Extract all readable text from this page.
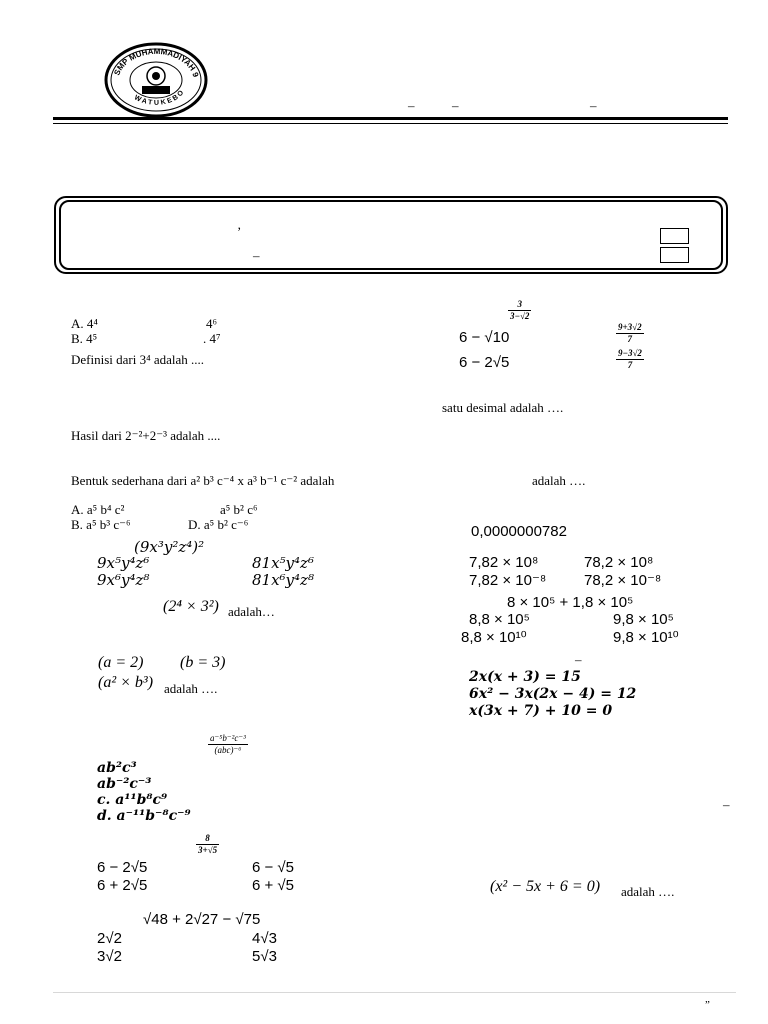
SMP MUHAMMADIYAH 9
WATUKEBO
–	–	–
’
–
A. 4⁴	4⁶
B. 4⁵	. 4⁷
Definisi dari 3⁴ adalah ....
Hasil dari 2⁻²+2⁻³ adalah ....
Bentuk sederhana dari a² b³ c⁻⁴ x a³ b⁻¹ c⁻² adalah
A. a⁵ b⁴ c²	a⁵ b² c⁶
B. a⁵ b³ c⁻⁶	D. a⁵ b² c⁻⁶
(9x³y²z⁴)²
9x⁵y⁴z⁶	81x⁵y⁴z⁶
9x⁶y⁴z⁸	81x⁶y⁴z⁸
(2⁴ × 3²) adalah…
(a = 2) (b = 3)
(a² × b³) adalah ….
$\frac{\text{a⁻⁵b⁻²c⁻³}}{\text{(abc)⁻⁶}}$
ab²c³
ab⁻²c⁻³
c. a¹¹b⁸c⁹
d. a⁻¹¹b⁻⁸c⁻⁹
$\frac{8}{3+√5}$
6 − 2√5	6 − √5
6 + 2√5	6 + √5
√48 + 2√27 − √75
2√2	4√3
3√2	5√3
$\frac{3}{3-√2}$
6 − √10
6 − 2√5
$\frac{9+3√2}{7}$
$\frac{9-3√2}{7}$
satu desimal adalah ….
adalah ….
0,0000000782
7,82 × 10⁸	78,2 × 10⁸
7,82 × 10⁻⁸	78,2 × 10⁻⁸
8 × 10⁵ + 1,8 × 10⁵
8,8 × 10⁵	9,8 × 10⁵
8,8 × 10¹⁰	9,8 × 10¹⁰
–
2x(x + 3) = 15
6x² − 3x(2x − 4) = 12
x(3x + 7) + 10 = 0
–
(x² − 5x + 6 = 0) adalah ….
„
